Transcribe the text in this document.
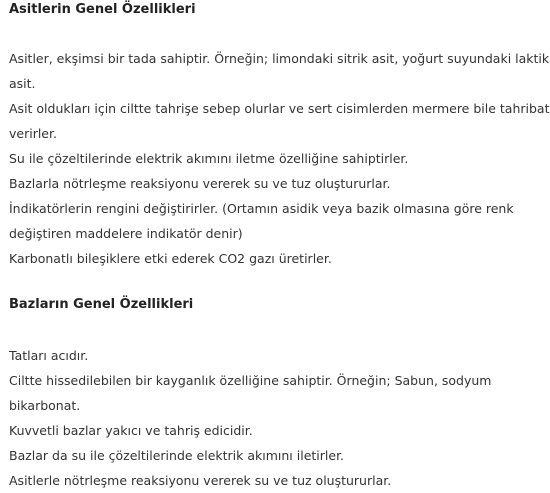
Asitlerin Genel Özellikleri
Asitler, ekşimsi bir tada sahiptir. Örneğin; limondaki sitrik asit, yoğurt suyundaki laktik
asit.
Asit oldukları için ciltte tahrişe sebep olurlar ve sert cisimlerden mermere bile tahribat
verirler.
Su ile çözeltilerinde elektrik akımını iletme özelliğine sahiptirler.
Bazlarla nötrleşme reaksiyonu vererek su ve tuz oluştururlar.
İndikatörlerin rengini değiştirirler. (Ortamın asidik veya bazik olmasına göre renk
değiştiren maddelere indikatör denir)
Karbonatlı bileşiklere etki ederek CO2 gazı üretirler.
Bazların Genel Özellikleri
Tatları acıdır.
Ciltte hissedilebilen bir kayganlık özelliğine sahiptir. Örneğin; Sabun, sodyum
bikarbonat.
Kuvvetli bazlar yakıcı ve tahriş edicidir.
Bazlar da su ile çözeltilerinde elektrik akımını iletirler.
Asitlerle nötrleşme reaksiyonu vererek su ve tuz oluştururlar.
